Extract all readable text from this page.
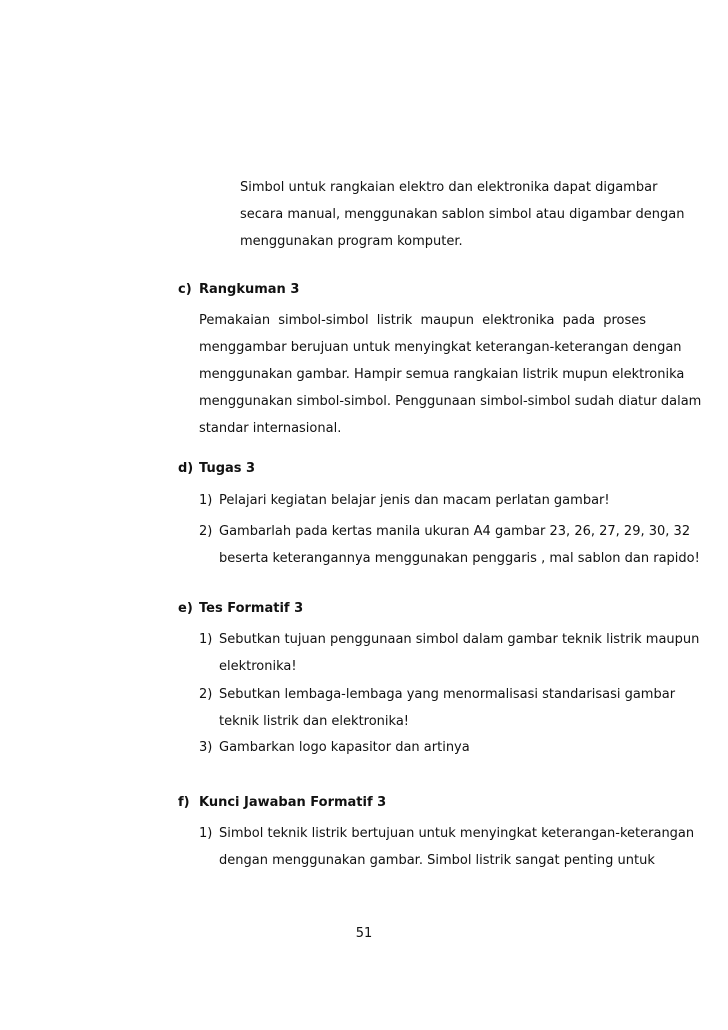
Simbol untuk rangkaian elektro dan elektronika dapat digambar
secara manual, menggunakan sablon simbol atau digambar dengan
menggunakan program komputer.
c) Rangkuman 3
Pemakaian simbol-simbol listrik maupun elektronika pada proses
menggambar berujuan untuk menyingkat keterangan-keterangan dengan
menggunakan gambar. Hampir semua rangkaian listrik mupun elektronika
menggunakan simbol-simbol. Penggunaan simbol-simbol sudah diatur dalam
standar internasional.
d) Tugas 3
1) Pelajari kegiatan belajar jenis dan macam perlatan gambar!
2) Gambarlah pada kertas manila ukuran A4 gambar 23, 26, 27, 29, 30, 32
beserta keterangannya menggunakan penggaris , mal sablon dan rapido!
e) Tes Formatif 3
1) Sebutkan tujuan penggunaan simbol dalam gambar teknik listrik maupun
elektronika!
2) Sebutkan lembaga-lembaga yang menormalisasi standarisasi gambar
teknik listrik dan elektronika!
3) Gambarkan logo kapasitor dan artinya
f) Kunci Jawaban Formatif 3
1) Simbol teknik listrik bertujuan untuk menyingkat keterangan-keterangan
dengan menggunakan gambar. Simbol listrik sangat penting untuk
51
